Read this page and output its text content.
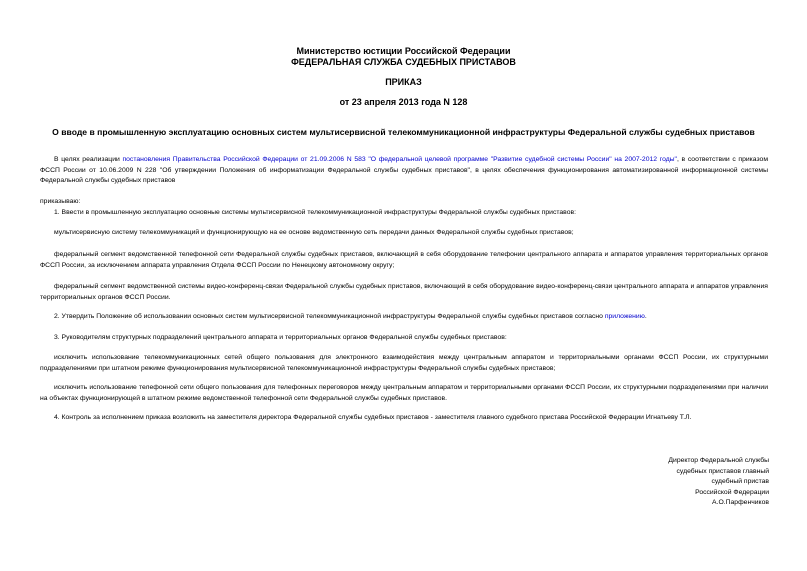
Министерство юстиции Российской Федерации
ФЕДЕРАЛЬНАЯ СЛУЖБА СУДЕБНЫХ ПРИСТАВОВ
ПРИКАЗ
от 23 апреля 2013 года N 128
О вводе в промышленную эксплуатацию основных систем мультисервисной телекоммуникационной инфраструктуры Федеральной службы судебных приставов
В целях реализации постановления Правительства Российской Федерации от 21.09.2006 N 583 "О федеральной целевой программе "Развитие судебной системы России" на 2007-2012 годы", в соответствии с приказом ФССП России от 10.06.2009 N 228 "Об утверждении Положения об информатизации Федеральной службы судебных приставов", в целях обеспечения функционирования автоматизированной информационной системы Федеральной службы судебных приставов
приказываю:
1. Ввести в промышленную эксплуатацию основные системы мультисервисной телекоммуникационной инфраструктуры Федеральной службы судебных приставов:
мультисервисную систему телекоммуникаций и функционирующую на ее основе ведомственную сеть передачи данных Федеральной службы судебных приставов;
федеральный сегмент ведомственной телефонной сети Федеральной службы судебных приставов, включающий в себя оборудование телефонии центрального аппарата и аппаратов управления территориальных органов ФССП России, за исключением аппарата управления Отдела ФССП России по Ненецкому автономному округу;
федеральный сегмент ведомственной системы видео-конференц-связи Федеральной службы судебных приставов, включающий в себя оборудование видео-конференц-связи центрального аппарата и аппаратов управления территориальных органов ФССП России.
2. Утвердить Положение об использовании основных систем мультисервисной телекоммуникационной инфраструктуры Федеральной службы судебных приставов согласно приложению.
3. Руководителям структурных подразделений центрального аппарата и территориальных органов Федеральной службы судебных приставов:
исключить использование телекоммуникационных сетей общего пользования для электронного взаимодействия между центральным аппаратом и территориальными органами ФССП России, их структурными подразделениями при штатном режиме функционирования мультисервисной телекоммуникационной инфраструктуры Федеральной службы судебных приставов;
исключить использование телефонной сети общего пользования для телефонных переговоров между центральным аппаратом и территориальными органами ФССП России, их структурными подразделениями при наличии на объектах функционирующей в штатном режиме ведомственной телефонной сети Федеральной службы судебных приставов.
4. Контроль за исполнением приказа возложить на заместителя директора Федеральной службы судебных приставов - заместителя главного судебного пристава Российской Федерации Игнатьеву Т.Л.
Директор Федеральной службы
судебных приставов главный
судебный пристав
Российской Федерации
А.О.Парфенчиков
